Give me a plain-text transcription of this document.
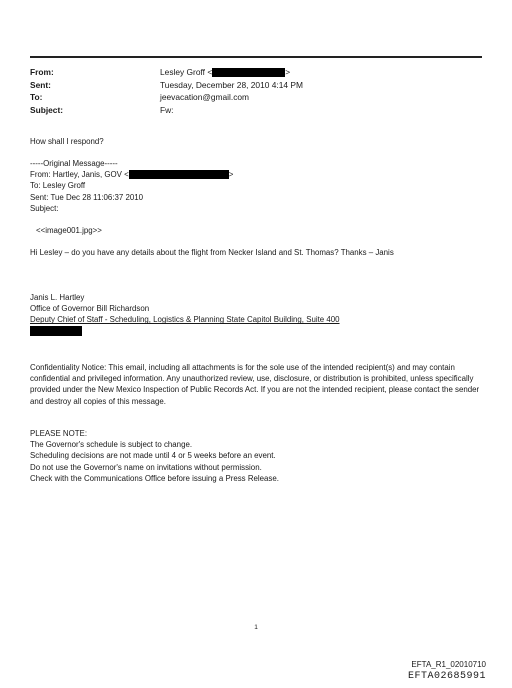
From:	Lesley Groff <	>
Sent:	Tuesday, December 28, 2010 4:14 PM
To:	jeevacation@gmail.com
Subject:	Fw:
How shall I respond?
-----Original Message-----
From: Hartley, Janis, GOV <	>
To: Lesley Groff
Sent: Tue Dec 28 11:06:37 2010
Subject:
<<image001.jpg>>
Hi Lesley – do you have any details about the flight from Necker Island and St. Thomas? Thanks – Janis
Janis L. Hartley
Office of Governor Bill Richardson
Deputy Chief of Staff - Scheduling, Logistics & Planning State Capitol Building, Suite 400
Confidentiality Notice: This email, including all attachments is for the sole use of the intended recipient(s) and may contain confidential and privileged information. Any unauthorized review, use, disclosure, or distribution is prohibited, unless specifically provided under the New Mexico Inspection of Public Records Act. If you are not the intended recipient, please contact the sender and destroy all copies of this message.
PLEASE NOTE:
The Governor's schedule is subject to change.
Scheduling decisions are not made until 4 or 5 weeks before an event.
Do not use the Governor's name on invitations without permission.
Check with the Communications Office before issuing a Press Release.
1
EFTA_R1_02010710
EFTA02685991
